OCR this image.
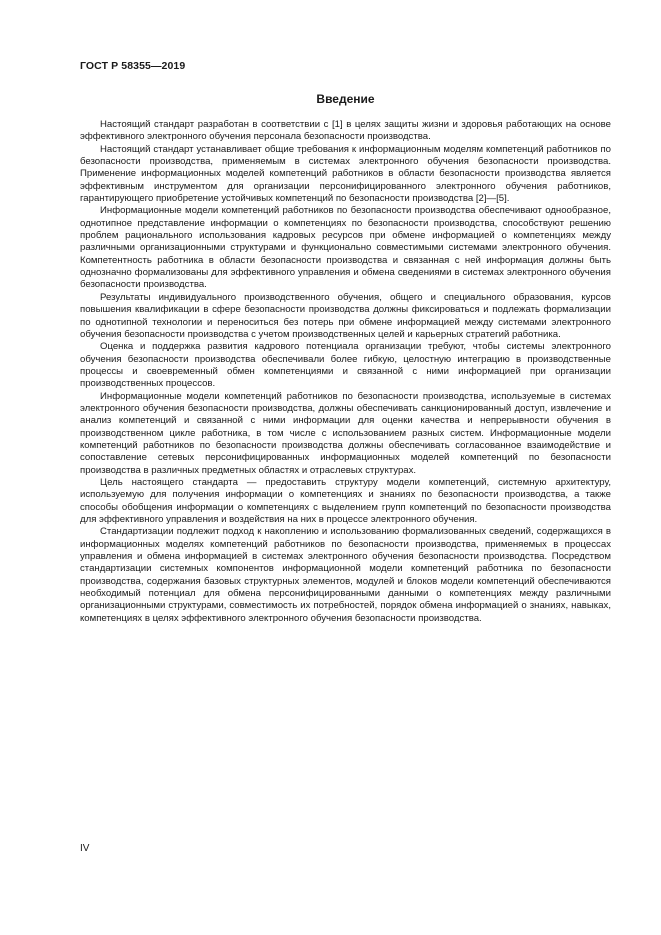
ГОСТ Р 58355—2019
Введение

Настоящий стандарт разработан в соответствии с [1] в целях защиты жизни и здоровья работающих на основе эффективного электронного обучения персонала безопасности производства.

Настоящий стандарт устанавливает общие требования к информационным моделям компетенций работников по безопасности производства, применяемым в системах электронного обучения безопасности производства. Применение информационных моделей компетенций работников в области безопасности производства является эффективным инструментом для организации персонифицированного электронного обучения работников, гарантирующего приобретение устойчивых компетенций по безопасности производства [2]—[5].

Информационные модели компетенций работников по безопасности производства обеспечивают однообразное, однотипное представление информации о компетенциях по безопасности производства, способствуют решению проблем рационального использования кадровых ресурсов при обмене информацией о компетенциях между различными организационными структурами и функционально совместимыми системами электронного обучения. Компетентность работника в области безопасности производства и связанная с ней информация должны быть однозначно формализованы для эффективного управления и обмена сведениями в системах электронного обучения безопасности производства.

Результаты индивидуального производственного обучения, общего и специального образования, курсов повышения квалификации в сфере безопасности производства должны фиксироваться и подлежать формализации по однотипной технологии и переноситься без потерь при обмене информацией между системами электронного обучения безопасности производства с учетом производственных целей и карьерных стратегий работника.

Оценка и поддержка развития кадрового потенциала организации требуют, чтобы системы электронного обучения безопасности производства обеспечивали более гибкую, целостную интеграцию в производственные процессы и своевременный обмен компетенциями и связанной с ними информацией при организации производственных процессов.

Информационные модели компетенций работников по безопасности производства, используемые в системах электронного обучения безопасности производства, должны обеспечивать санкционированный доступ, извлечение и анализ компетенций и связанной с ними информации для оценки качества и непрерывности обучения в производственном цикле работника, в том числе с использованием разных систем. Информационные модели компетенций работников по безопасности производства должны обеспечивать согласованное взаимодействие и сопоставление сетевых персонифицированных информационных моделей компетенций по безопасности производства в различных предметных областях и отраслевых структурах.

Цель настоящего стандарта — предоставить структуру модели компетенций, системную архитектуру, используемую для получения информации о компетенциях и знаниях по безопасности производства, а также способы обобщения информации о компетенциях с выделением групп компетенций по безопасности производства для эффективного управления и воздействия на них в процессе электронного обучения.

Стандартизации подлежит подход к накоплению и использованию формализованных сведений, содержащихся в информационных моделях компетенций работников по безопасности производства, применяемых в процессах управления и обмена информацией в системах электронного обучения безопасности производства. Посредством стандартизации системных компонентов информационной модели компетенций работника по безопасности производства, содержания базовых структурных элементов, модулей и блоков модели компетенций обеспечиваются необходимый потенциал для обмена персонифицированными данными о компетенциях между различными организационными структурами, совместимость их потребностей, порядок обмена информацией о знаниях, навыках, компетенциях в целях эффективного электронного обучения безопасности производства.

IV
